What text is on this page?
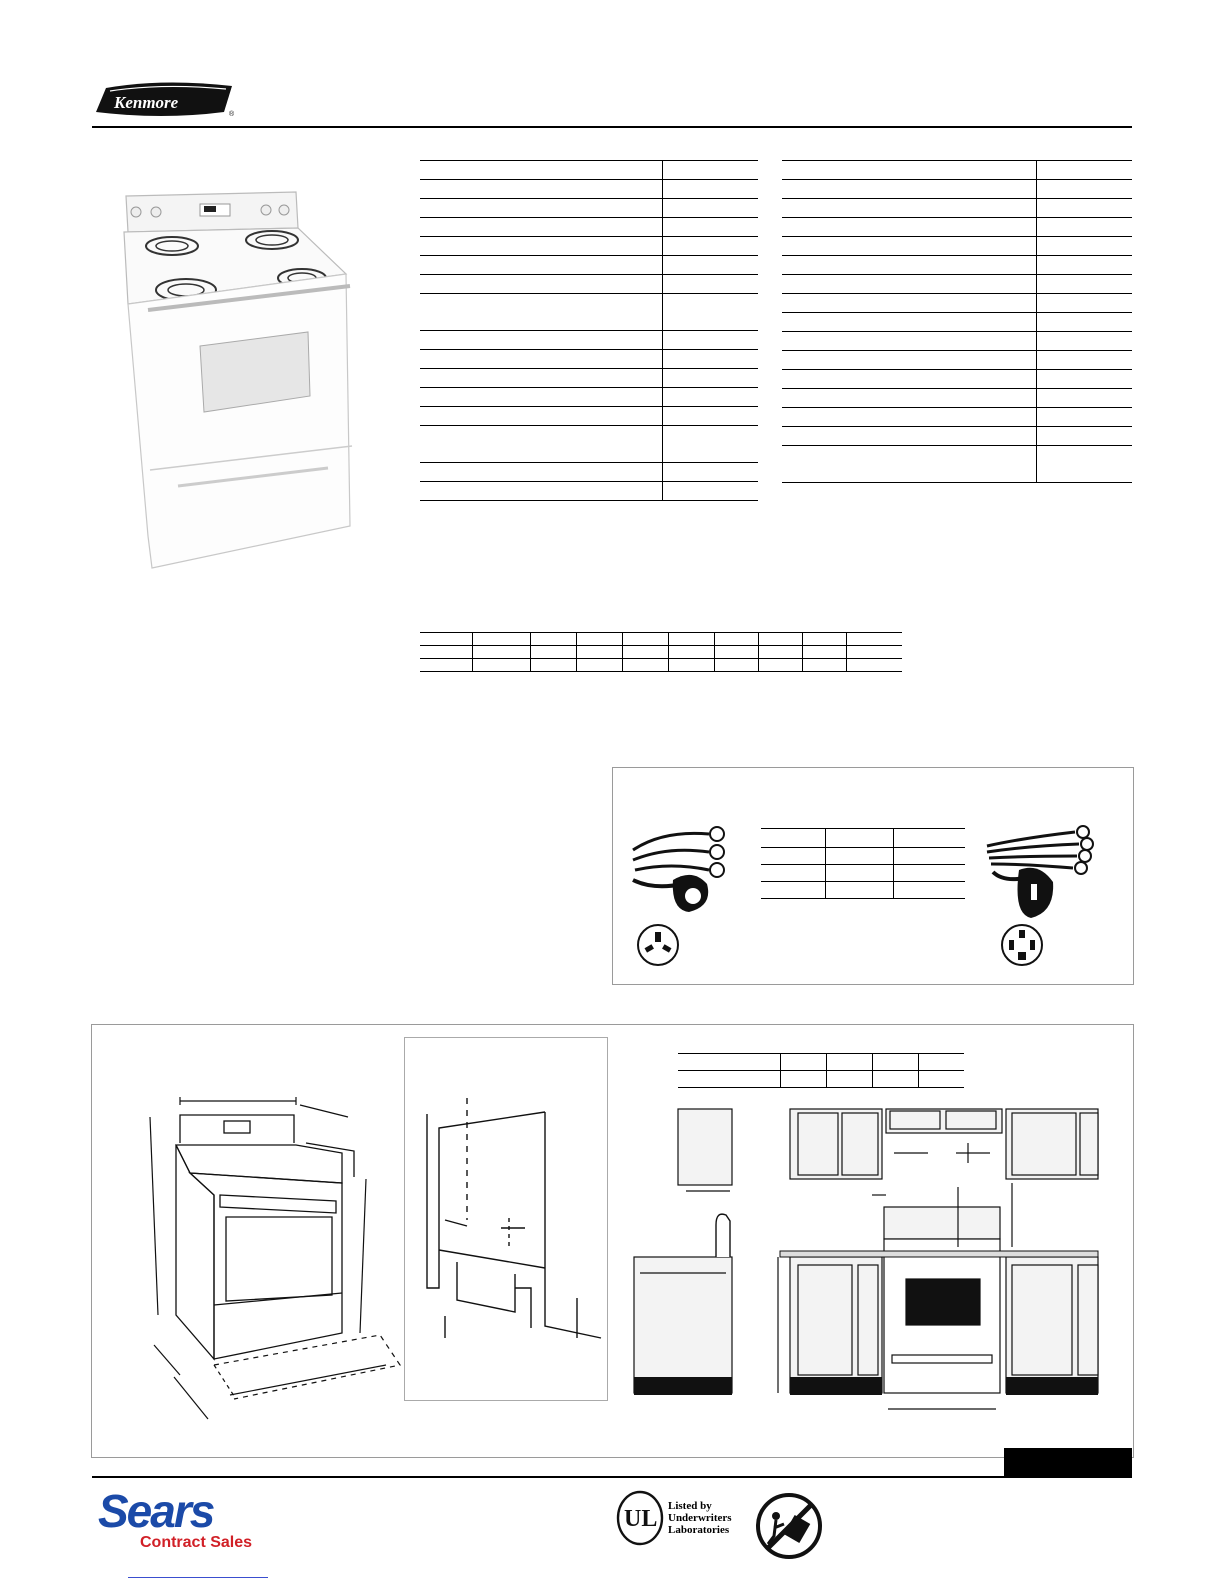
Kenmore
®

Sears
Contract Sales
UL Listed by
Underwriters
Laboratories
